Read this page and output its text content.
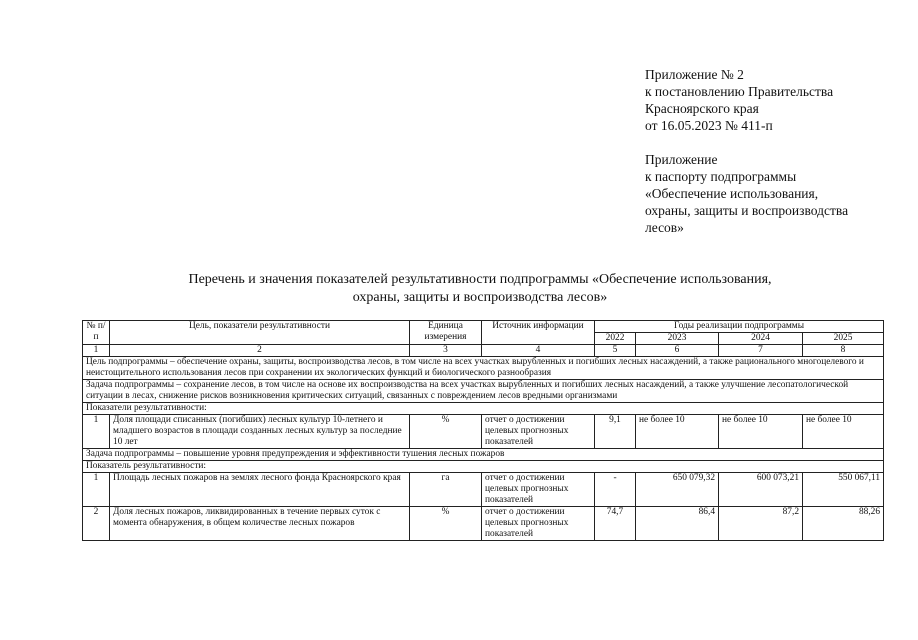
Приложение № 2
к постановлению Правительства
Красноярского края
от 16.05.2023 № 411-п
Приложение
к паспорту подпрограммы
«Обеспечение использования,
охраны, защиты и воспроизводства
лесов»
Перечень и значения показателей результативности подпрограммы «Обеспечение использования,
охраны, защиты и воспроизводства лесов»
№ п/п	Цель, показатели результативности	Единица измерения	Источник информации	Годы реализации подпрограммы			
				2022	2023	2024	2025
1	2	3	4	5	6	7	8
Цель подпрограммы – обеспечение охраны, защиты, воспроизводства лесов, в том числе на всех участках вырубленных и погибших лесных насаждений, а также рационального многоцелевого и неистощительного использования лесов при сохранении их экологических функций и биологического разнообразия							
Задача подпрограммы – сохранение лесов, в том числе на основе их воспроизводства на всех участках вырубленных и погибших лесных насаждений, а также улучшение лесопатологической ситуации в лесах, снижение рисков возникновения критических ситуаций, связанных с повреждением лесов вредными организмами							
Показатели результативности:							
1	Доля площади списанных (погибших) лесных культур 10-летнего и младшего возрастов в площади созданных лесных культур за последние 10 лет	%	отчет о достижении целевых прогнозных показателей	9,1	не более 10	не более 10	не более 10
Задача подпрограммы – повышение уровня предупреждения и эффективности тушения лесных пожаров							
Показатель результативности:							
1	Площадь лесных пожаров на землях лесного фонда Красноярского края	га	отчет о достижении целевых прогнозных показателей	-	650 079,32	600 073,21	550 067,11
2	Доля лесных пожаров, ликвидированных в течение первых суток с момента обнаружения, в общем количестве лесных пожаров	%	отчет о достижении целевых прогнозных показателей	74,7	86,4	87,2	88,26
